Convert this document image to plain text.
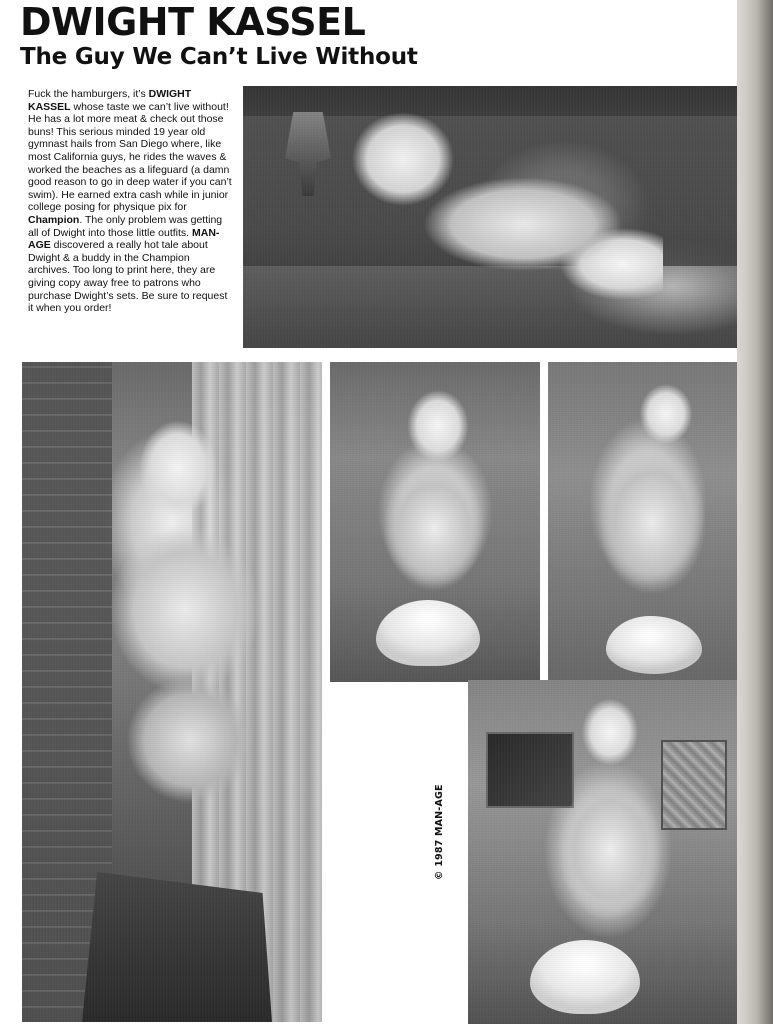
DWIGHT KASSEL
The Guy We Can’t Live Without
Fuck the hamburgers, it’s DWIGHT KASSEL whose taste we can’t live without! He has a lot more meat & check out those buns! This serious minded 19 year old gymnast hails from San Diego where, like most California guys, he rides the waves & worked the beaches as a lifeguard (a damn good reason to go in deep water if you can’t swim). He earned extra cash while in junior college posing for physique pix for Champion. The only problem was getting all of Dwight into those little outfits. MAN-AGE discovered a really hot tale about Dwight & a buddy in the Champion archives. Too long to print here, they are giving copy away free to patrons who purchase Dwight’s sets. Be sure to request it when you order!
© 1987 MAN-AGE
